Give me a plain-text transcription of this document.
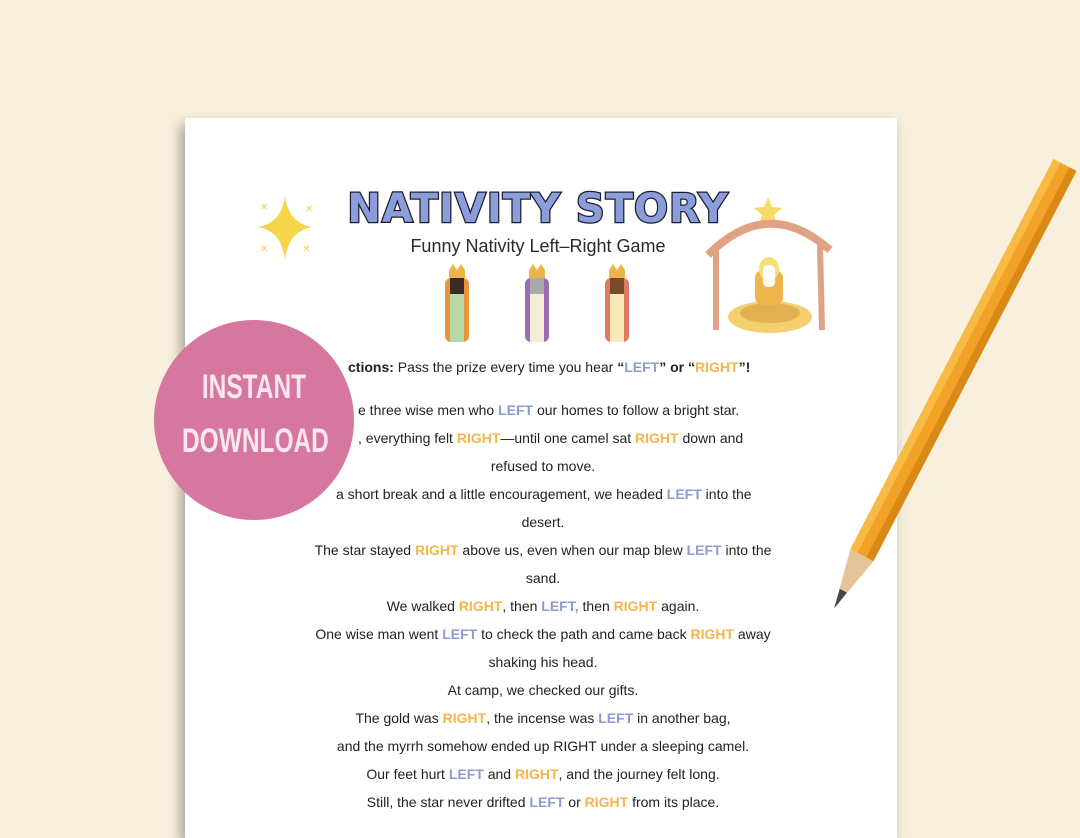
✕	✕
✕	✕
NATIVITY STORY
Funny Nativity Left–Right Game
ctions: Pass the prize every time you hear “LEFT” or “RIGHT”!
e three wise men who LEFT our homes to follow a bright star.
, everything felt RIGHT—until one camel sat RIGHT down and
refused to move.
a short break and a little encouragement, we headed LEFT into the
desert.
The star stayed RIGHT above us, even when our map blew LEFT into the
sand.
We walked RIGHT, then LEFT, then RIGHT again.
One wise man went LEFT to check the path and came back RIGHT away
shaking his head.
At camp, we checked our gifts.
The gold was RIGHT, the incense was LEFT in another bag,
and the myrrh somehow ended up RIGHT under a sleeping camel.
Our feet hurt LEFT and RIGHT, and the journey felt long.
Still, the star never drifted LEFT or RIGHT from its place.
INSTANT
DOWNLOAD
